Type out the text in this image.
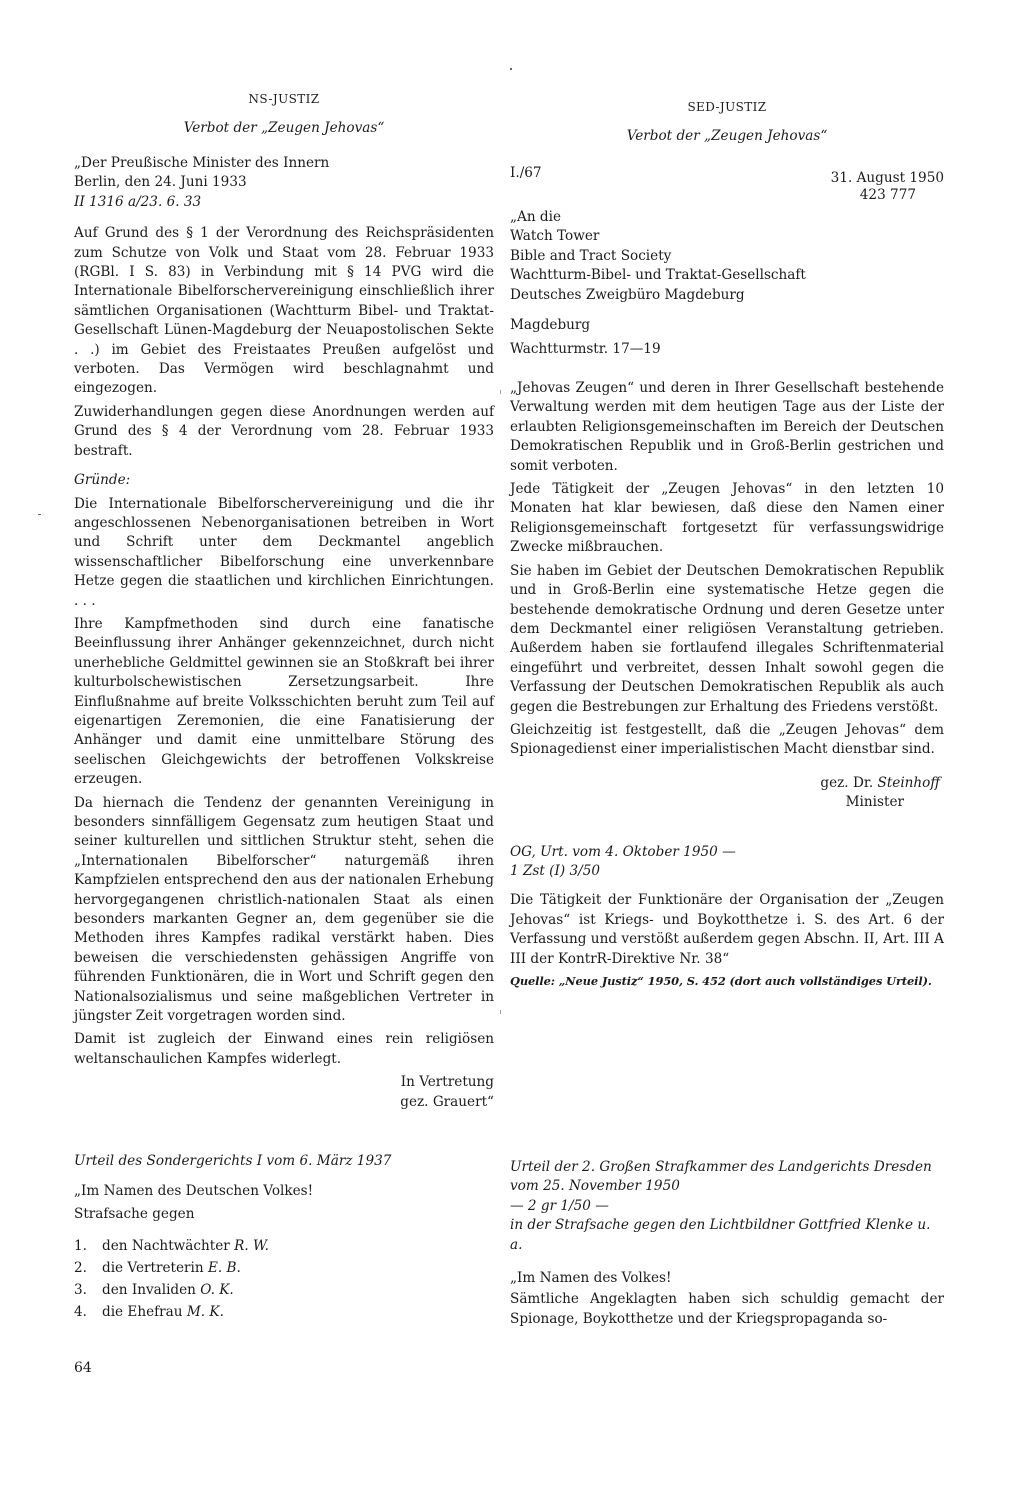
NS-JUSTIZ
Verbot der „Zeugen Jehovas“

„Der Preußische Minister des Innern

Berlin, den 24. Juni 1933

II 1316 a/23. 6. 33

Auf Grund des § 1 der Verordnung des Reichspräsidenten zum Schutze von Volk und Staat vom 28. Februar 1933 (RGBl. I S. 83) in Verbindung mit § 14 PVG wird die Internationale Bibelforschervereinigung einschließlich ihrer sämtlichen Organisationen (Wachtturm Bibel- und Traktat-Gesellschaft Lünen-Magdeburg der Neuapostolischen Sekte . .) im Gebiet des Freistaates Preußen aufgelöst und verboten. Das Vermögen wird beschlagnahmt und eingezogen.

Zuwiderhandlungen gegen diese Anordnungen werden auf Grund des § 4 der Verordnung vom 28. Februar 1933 bestraft.

Gründe:

Die Internationale Bibelforschervereinigung und die ihr angeschlossenen Nebenorganisationen betreiben in Wort und Schrift unter dem Deckmantel angeblich wissenschaftlicher Bibelforschung eine unverkennbare Hetze gegen die staatlichen und kirchlichen Einrichtungen. . . .

Ihre Kampfmethoden sind durch eine fanatische Beeinflussung ihrer Anhänger gekennzeichnet, durch nicht unerhebliche Geldmittel gewinnen sie an Stoßkraft bei ihrer kulturbolschewistischen Zersetzungsarbeit. Ihre Einflußnahme auf breite Volksschichten beruht zum Teil auf eigenartigen Zeremonien, die eine Fanatisierung der Anhänger und damit eine unmittelbare Störung des seelischen Gleichgewichts der betroffenen Volkskreise erzeugen.

Da hiernach die Tendenz der genannten Vereinigung in besonders sinnfälligem Gegensatz zum heutigen Staat und seiner kulturellen und sittlichen Struktur steht, sehen die „Internationalen Bibelforscher“ naturgemäß ihren Kampfzielen entsprechend den aus der nationalen Erhebung hervorgegangenen christlich-nationalen Staat als einen besonders markanten Gegner an, dem gegenüber sie die Methoden ihres Kampfes radikal verstärkt haben. Dies beweisen die verschiedensten gehässigen Angriffe von führenden Funktionären, die in Wort und Schrift gegen den Nationalsozialismus und seine maßgeblichen Vertreter in jüngster Zeit vorgetragen worden sind.

Damit ist zugleich der Einwand eines rein religiösen weltanschaulichen Kampfes widerlegt.

In Vertretung

gez. Grauert“

SED-JUSTIZ
Verbot der „Zeugen Jehovas“
I./67	31. August 1950
423 777

„An die

Watch Tower

Bible and Tract Society

Wachtturm-Bibel- und Traktat-Gesellschaft

Deutsches Zweigbüro Magdeburg

Magdeburg

Wachtturmstr. 17—19

„Jehovas Zeugen“ und deren in Ihrer Gesellschaft bestehende Verwaltung werden mit dem heutigen Tage aus der Liste der erlaubten Religionsgemeinschaften im Bereich der Deutschen Demokratischen Republik und in Groß-Berlin gestrichen und somit verboten.

Jede Tätigkeit der „Zeugen Jehovas“ in den letzten 10 Monaten hat klar bewiesen, daß diese den Namen einer Religionsgemeinschaft fortgesetzt für verfassungswidrige Zwecke mißbrauchen.

Sie haben im Gebiet der Deutschen Demokratischen Republik und in Groß-Berlin eine systematische Hetze gegen die bestehende demokratische Ordnung und deren Gesetze unter dem Deckmantel einer religiösen Veranstaltung getrieben. Außerdem haben sie fortlaufend illegales Schriftenmaterial eingeführt und verbreitet, dessen Inhalt sowohl gegen die Verfassung der Deutschen Demokratischen Republik als auch gegen die Bestrebungen zur Erhaltung des Friedens verstößt.

Gleichzeitig ist festgestellt, daß die „Zeugen Jehovas“ dem Spionagedienst einer imperialistischen Macht dienstbar sind.

gez. Dr. Steinhoff

Minister

OG, Urt. vom 4. Oktober 1950 —

1 Zst (I) 3/50

Die Tätigkeit der Funktionäre der Organisation der „Zeugen Jehovas“ ist Kriegs- und Boykotthetze i. S. des Art. 6 der Verfassung und verstößt außerdem gegen Abschn. II, Art. III A III der KontrR-Direktive Nr. 38“

Quelle: „Neue Justiz“ 1950, S. 452 (dort auch vollständiges Urteil).

Urteil des Sondergerichts I vom 6. März 1937

„Im Namen des Deutschen Volkes!

Strafsache gegen

1.	den Nachtwächter
R. W.
2.	die Vertreterin
E. B.
3.	den Invaliden
O. K.
4.	die Ehefrau
M. K.

Urteil der 2. Großen Strafkammer des Landgerichts Dresden vom 25. November 1950

— 2 gr 1/50 —

in der Strafsache gegen den Lichtbildner Gottfried Klenke u. a.

„Im Namen des Volkes!

Sämtliche Angeklagten haben sich schuldig gemacht der Spionage, Boykotthetze und der Kriegspropaganda so-

64
